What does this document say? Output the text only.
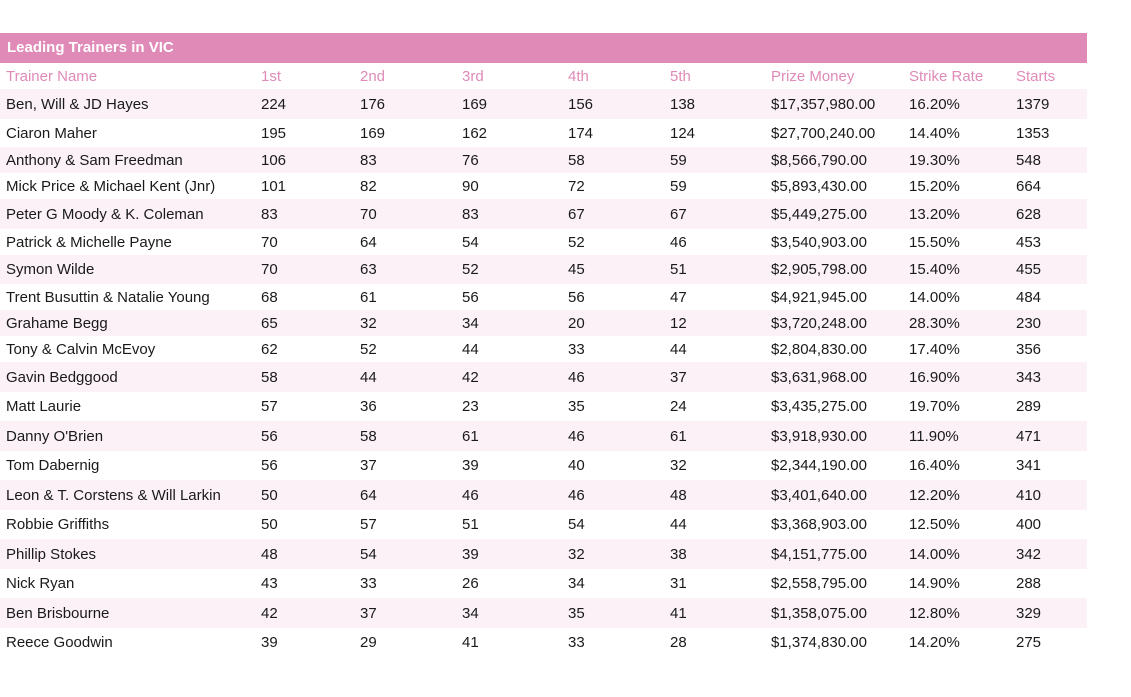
Leading Trainers in VIC
Trainer Name	1st	2nd	3rd	4th	5th	Prize Money	Strike Rate	Starts
Ben, Will & JD Hayes	224	176	169	156	138	$17,357,980.00	16.20%	1379
Ciaron Maher	195	169	162	174	124	$27,700,240.00	14.40%	1353
Anthony & Sam Freedman	106	83	76	58	59	$8,566,790.00	19.30%	548
Mick Price & Michael Kent (Jnr)	101	82	90	72	59	$5,893,430.00	15.20%	664
Peter G Moody & K. Coleman	83	70	83	67	67	$5,449,275.00	13.20%	628
Patrick & Michelle Payne	70	64	54	52	46	$3,540,903.00	15.50%	453
Symon Wilde	70	63	52	45	51	$2,905,798.00	15.40%	455
Trent Busuttin & Natalie Young	68	61	56	56	47	$4,921,945.00	14.00%	484
Grahame Begg	65	32	34	20	12	$3,720,248.00	28.30%	230
Tony & Calvin McEvoy	62	52	44	33	44	$2,804,830.00	17.40%	356
Gavin Bedggood	58	44	42	46	37	$3,631,968.00	16.90%	343
Matt Laurie	57	36	23	35	24	$3,435,275.00	19.70%	289
Danny O'Brien	56	58	61	46	61	$3,918,930.00	11.90%	471
Tom Dabernig	56	37	39	40	32	$2,344,190.00	16.40%	341
Leon & T. Corstens & Will Larkin	50	64	46	46	48	$3,401,640.00	12.20%	410
Robbie Griffiths	50	57	51	54	44	$3,368,903.00	12.50%	400
Phillip Stokes	48	54	39	32	38	$4,151,775.00	14.00%	342
Nick Ryan	43	33	26	34	31	$2,558,795.00	14.90%	288
Ben Brisbourne	42	37	34	35	41	$1,358,075.00	12.80%	329
Reece Goodwin	39	29	41	33	28	$1,374,830.00	14.20%	275
